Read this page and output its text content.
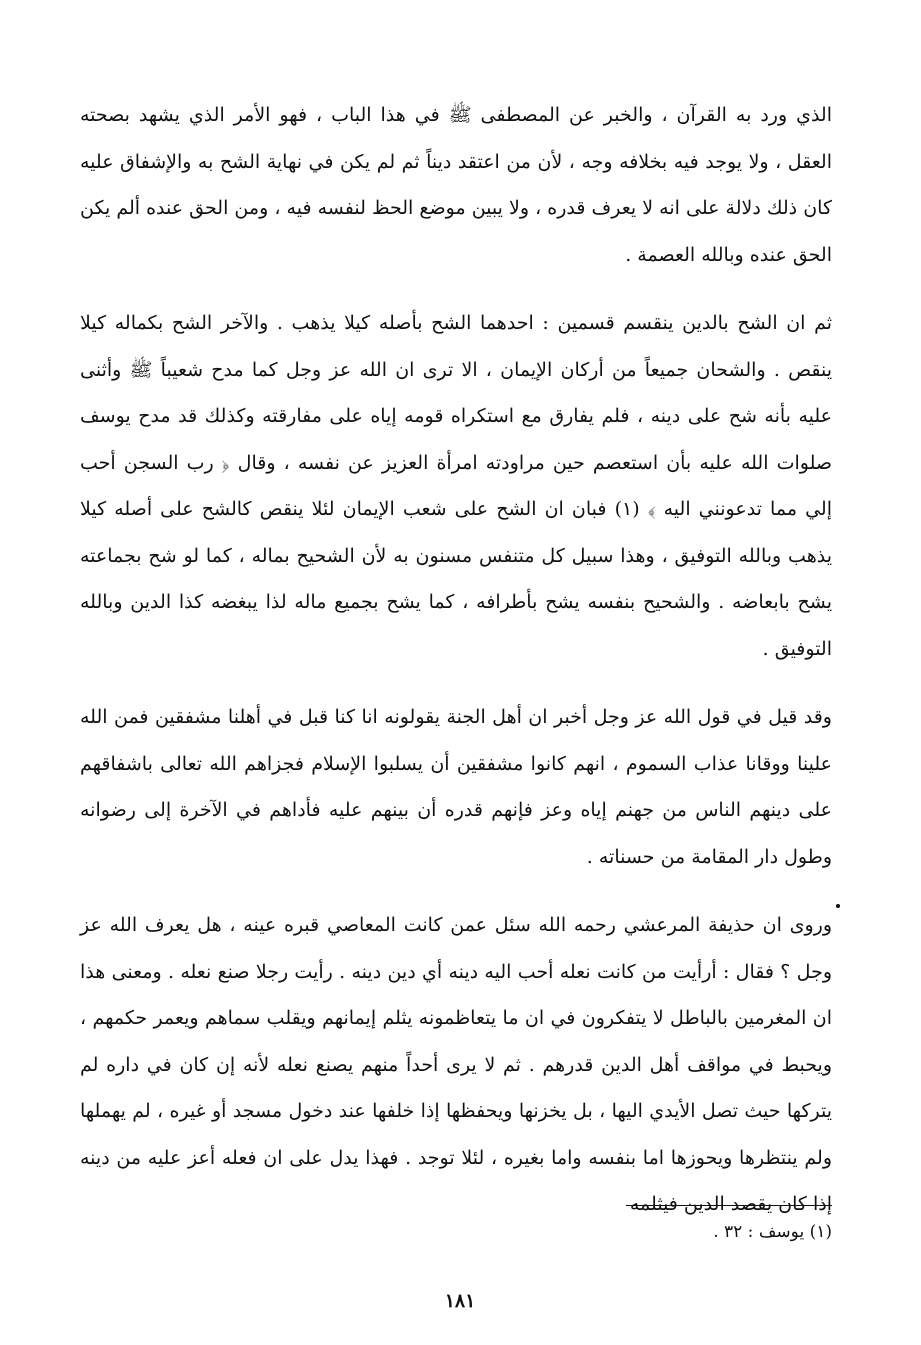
الذي ورد به القرآن ، والخبر عن المصطفى ﷺ في هذا الباب ، فهو الأمر الذي يشهد بصحته العقل ، ولا يوجد فيه بخلافه وجه ، لأن من اعتقد ديناً ثم لم يكن في نهاية الشح به والإشفاق عليه كان ذلك دلالة على انه لا يعرف قدره ، ولا يبين موضع الحظ لنفسه فيه ، ومن الحق عنده ألم يكن الحق عنده وبالله العصمة .

ثم ان الشح بالدين ينقسم قسمين : احدهما الشح بأصله كيلا يذهب . والآخر الشح بكماله كيلا ينقص . والشحان جميعاً من أركان الإيمان ، الا ترى ان الله عز وجل كما مدح شعيباً ﷺ وأثنى عليه بأنه شح على دينه ، فلم يفارق مع استكراه قومه إياه على مفارقته وكذلك قد مدح يوسف صلوات الله عليه بأن استعصم حين مراودته امرأة العزيز عن نفسه ، وقال ﴿ رب السجن أحب إلي مما تدعونني اليه ﴾ (١) فبان ان الشح على شعب الإيمان لئلا ينقص كالشح على أصله كيلا يذهب وبالله التوفيق ، وهذا سبيل كل متنفس مسنون به لأن الشحيح بماله ، كما لو شح بجماعته يشح بابعاضه . والشحيح بنفسه يشح بأطرافه ، كما يشح بجميع ماله لذا يبغضه كذا الدين وبالله التوفيق .

وقد قيل في قول الله عز وجل أخبر ان أهل الجنة يقولونه انا كنا قبل في أهلنا مشفقين فمن الله علينا ووقانا عذاب السموم ، انهم كانوا مشفقين أن يسلبوا الإسلام فجزاهم الله تعالى باشفاقهم على دينهم الناس من جهنم إياه وعز فإنهم قدره أن بينهم عليه فأداهم في الآخرة إلى رضوانه وطول دار المقامة من حسناته .

وروى ان حذيفة المرعشي رحمه الله سئل عمن كانت المعاصي قبره عينه ، هل يعرف الله عز وجل ؟ فقال : أرأيت من كانت نعله أحب اليه دينه أي دين دينه . رأيت رجلا صنع نعله . ومعنى هذا ان المغرمين بالباطل لا يتفكرون في ان ما يتعاظمونه يثلم إيمانهم ويقلب سماهم ويعمر حكمهم ، ويحبط في مواقف أهل الدين قدرهم . ثم لا يرى أحداً منهم يصنع نعله لأنه إن كان في داره لم يتركها حيث تصل الأيدي اليها ، بل يخزنها ويحفظها إذا خلفها عند دخول مسجد أو غيره ، لم يهملها ولم ينتظرها ويحوزها اما بنفسه واما بغيره ، لئلا توجد . فهذا يدل على ان فعله أعز عليه من دينه إذا كان يقصد الدين فيثلمه

(١) يوسف : ٣٢ .
١٨١
